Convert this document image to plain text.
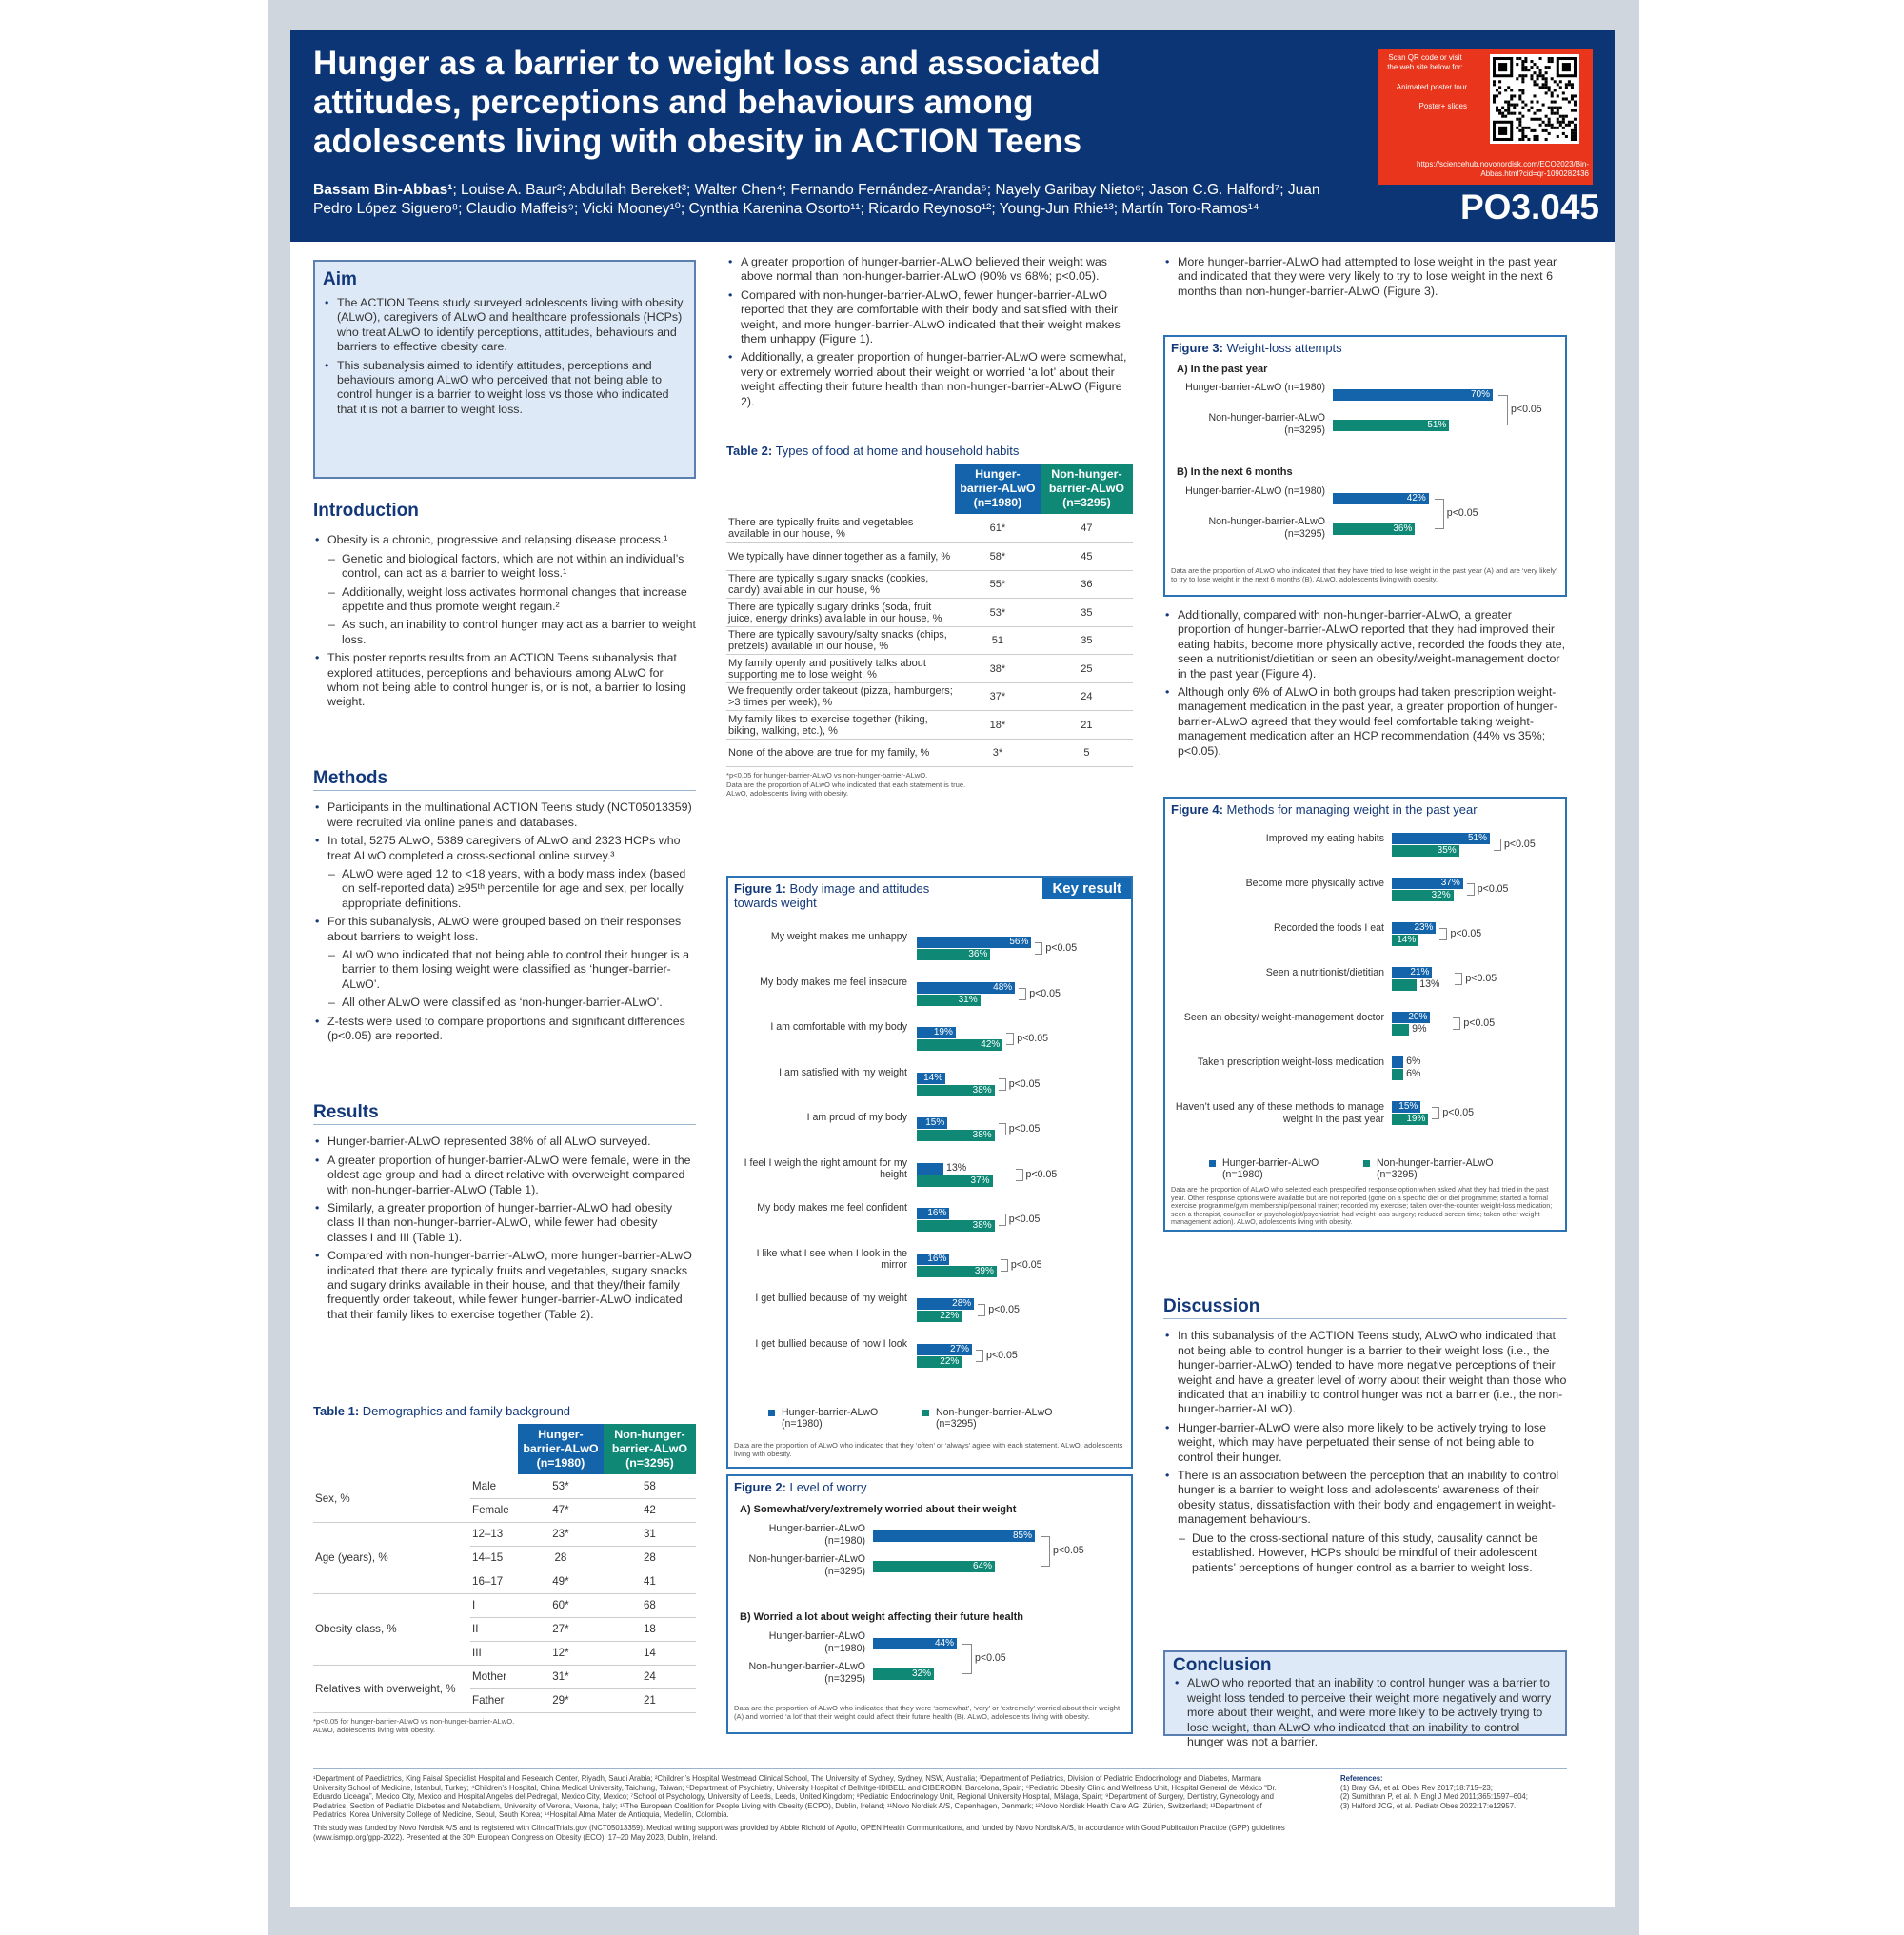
Hunger as a barrier to weight loss and associated
attitudes, perceptions and behaviours among
adolescents living with obesity in ACTION Teens
Bassam Bin-Abbas¹; Louise A. Baur²; Abdullah Bereket³; Walter Chen⁴; Fernando Fernández-Aranda⁵; Nayely Garibay Nieto⁶; Jason C.G. Halford⁷; Juan Pedro López Siguero⁸; Claudio Maffeis⁹; Vicki Mooney¹⁰; Cynthia Karenina Osorto¹¹; Ricardo Reynoso¹²; Young-Jun Rhie¹³; Martín Toro-Ramos¹⁴
Scan QR code or visit the web site below for:
Animated poster tour
Poster+ slides
https://sciencehub.novonordisk.com/ECO2023/Bin-Abbas.html?cid=qr-1090282436
PO3.045
Aim
• The ACTION Teens study surveyed adolescents living with obesity (ALwO), caregivers of ALwO and healthcare professionals (HCPs) who treat ALwO to identify perceptions, attitudes, behaviours and barriers to effective obesity care.
• This subanalysis aimed to identify attitudes, perceptions and behaviours among ALwO who perceived that not being able to control hunger is a barrier to weight loss vs those who indicated that it is not a barrier to weight loss.
Introduction
• Obesity is a chronic, progressive and relapsing disease process.¹
– Genetic and biological factors, which are not within an individual’s control, can act as a barrier to weight loss.¹
– Additionally, weight loss activates hormonal changes that increase appetite and thus promote weight regain.²
– As such, an inability to control hunger may act as a barrier to weight loss.
• This poster reports results from an ACTION Teens subanalysis that explored attitudes, perceptions and behaviours among ALwO for whom not being able to control hunger is, or is not, a barrier to losing weight.
Methods
• Participants in the multinational ACTION Teens study (NCT05013359) were recruited via online panels and databases.
• In total, 5275 ALwO, 5389 caregivers of ALwO and 2323 HCPs who treat ALwO completed a cross-sectional online survey.³
– ALwO were aged 12 to <18 years, with a body mass index (based on self-reported data) ≥95ᵗʰ percentile for age and sex, per locally appropriate definitions.
• For this subanalysis, ALwO were grouped based on their responses about barriers to weight loss.
– ALwO who indicated that not being able to control their hunger is a barrier to them losing weight were classified as ‘hunger-barrier-ALwO’.
– All other ALwO were classified as ‘non-hunger-barrier-ALwO’.
• Z-tests were used to compare proportions and significant differences (p<0.05) are reported.
Results
• Hunger-barrier-ALwO represented 38% of all ALwO surveyed.
• A greater proportion of hunger-barrier-ALwO were female, were in the oldest age group and had a direct relative with overweight compared with non-hunger-barrier-ALwO (Table 1).
• Similarly, a greater proportion of hunger-barrier-ALwO had obesity class II than non-hunger-barrier-ALwO, while fewer had obesity classes I and III (Table 1).
• Compared with non-hunger-barrier-ALwO, more hunger-barrier-ALwO indicated that there are typically fruits and vegetables, sugary snacks and sugary drinks available in their house, and that they/their family frequently order takeout, while fewer hunger-barrier-ALwO indicated that their family likes to exercise together (Table 2).
Table 1: Demographics and family background
		Hunger-barrier-ALwO (n=1980)	Non-hunger-barrier-ALwO (n=3295)
Sex, %	Male	53*	58
	Female	47*	42
Age (years), %	12–13	23*	31
	14–15	28	28
	16–17	49*	41
Obesity class, %	I	60*	68
	II	27*	18
	III	12*	14
Relatives with overweight, %	Mother	31*	24
	Father	29*	21
*p<0.05 for hunger-barrier-ALwO vs non-hunger-barrier-ALwO.
ALwO, adolescents living with obesity.
• A greater proportion of hunger-barrier-ALwO believed their weight was above normal than non-hunger-barrier-ALwO (90% vs 68%; p<0.05).
• Compared with non-hunger-barrier-ALwO, fewer hunger-barrier-ALwO reported that they are comfortable with their body and satisfied with their weight, and more hunger-barrier-ALwO indicated that their weight makes them unhappy (Figure 1).
• Additionally, a greater proportion of hunger-barrier-ALwO were somewhat, very or extremely worried about their weight or worried ‘a lot’ about their weight affecting their future health than non-hunger-barrier-ALwO (Figure 2).
Table 2: Types of food at home and household habits
	Hunger-barrier-ALwO (n=1980)	Non-hunger-barrier-ALwO (n=3295)
There are typically fruits and vegetables available in our house, %	61*	47
We typically have dinner together as a family, %	58*	45
There are typically sugary snacks (cookies, candy) available in our house, %	55*	36
There are typically sugary drinks (soda, fruit juice, energy drinks) available in our house, %	53*	35
There are typically savoury/salty snacks (chips, pretzels) available in our house, %	51	35
My family openly and positively talks about supporting me to lose weight, %	38*	25
We frequently order takeout (pizza, hamburgers; >3 times per week), %	37*	24
My family likes to exercise together (hiking, biking, walking, etc.), %	18*	21
None of the above are true for my family, %	3*	5
*p<0.05 for hunger-barrier-ALwO vs non-hunger-barrier-ALwO.
Data are the proportion of ALwO who indicated that each statement is true.
ALwO, adolescents living with obesity.
Figure 1: Body image and attitudes towards weight
Key result
Hunger-barrier-ALwO (n=1980)
Non-hunger-barrier-ALwO (n=3295)
Data are the proportion of ALwO who indicated that they ‘often’ or ‘always’ agree with each statement. ALwO, adolescents living with obesity.
My weight makes me unhappy	56%
36%
p<0.05
My body makes me feel insecure	48%
31%
p<0.05
I am comfortable with my body	19%
42%
p<0.05
I am satisfied with my weight	14%
38%
p<0.05
I am proud of my body	15%
38%
p<0.05
I feel I weigh the right amount for my height	37%
13%
p<0.05
My body makes me feel confident	16%
38%
p<0.05
I like what I see when I look in the mirror
16%
39%
p<0.05
I get bullied because of my weight	28%
22%
p<0.05
I get bullied because of how I look	27%
22%
p<0.05
Figure 2: Level of worry
A) Somewhat/very/extremely worried about their weight
B) Worried a lot about weight affecting their future health
Data are the proportion of ALwO who indicated that they were ‘somewhat’, ‘very’ or ‘extremely’ worried about their weight (A) and worried ‘a lot’ that their weight could affect their future health (B). ALwO, adolescents living with obesity.
Hunger-barrier-ALwO (n=1980)	85%
Non-hunger-barrier-ALwO (n=3295)	64%
p<0.05
Hunger-barrier-ALwO (n=1980)	44%
Non-hunger-barrier-ALwO (n=3295)	32%
p<0.05
• More hunger-barrier-ALwO had attempted to lose weight in the past year and indicated that they were very likely to try to lose weight in the next 6 months than non-hunger-barrier-ALwO (Figure 3).
Figure 3: Weight-loss attempts
A) In the past year
B) In the next 6 months
Data are the proportion of ALwO who indicated that they have tried to lose weight in the past year (A) and are ‘very likely’ to try to lose weight in the next 6 months (B). ALwO, adolescents living with obesity.
Hunger-barrier-ALwO (n=1980)
70%
Non-hunger-barrier-ALwO (n=3295)	51%
p<0.05
Hunger-barrier-ALwO (n=1980)
42%
Non-hunger-barrier-ALwO (n=3295)	36%
p<0.05
• Additionally, compared with non-hunger-barrier-ALwO, a greater proportion of hunger-barrier-ALwO reported that they had improved their eating habits, become more physically active, recorded the foods they ate, seen a nutritionist/dietitian or seen an obesity/weight-management doctor in the past year (Figure 4).
• Although only 6% of ALwO in both groups had taken prescription weight-management medication in the past year, a greater proportion of hunger-barrier-ALwO agreed that they would feel comfortable taking weight-management medication after an HCP recommendation (44% vs 35%; p<0.05).
Figure 4: Methods for managing weight in the past year
Hunger-barrier-ALwO (n=1980)
Non-hunger-barrier-ALwO (n=3295)
Data are the proportion of ALwO who selected each prespecified response option when asked what they had tried in the past year. Other response options were available but are not reported (gone on a specific diet or diet programme; started a formal exercise programme/gym membership/personal trainer; recorded my exercise; taken over-the-counter weight-loss medication; seen a therapist, counsellor or psychologist/psychiatrist; had weight-loss surgery; reduced screen time; taken other weight-management action). ALwO, adolescents living with obesity.
Improved my eating habits	51%
35%
p<0.05
Become more physically active	37%
32%
p<0.05
Recorded the foods I eat	23%
14%
p<0.05
Seen a nutritionist/dietitian	21%
13%	p<0.05
Seen an obesity/ weight-management doctor	20%
9%	p<0.05
Taken prescription weight-loss medication 6%
6%
Haven’t used any of these methods to manage weight in the past year
15%
19%
p<0.05
Discussion
• In this subanalysis of the ACTION Teens study, ALwO who indicated that not being able to control hunger is a barrier to their weight loss (i.e., the hunger-barrier-ALwO) tended to have more negative perceptions of their weight and have a greater level of worry about their weight than those who indicated that an inability to control hunger was not a barrier (i.e., the non-hunger-barrier-ALwO).
• Hunger-barrier-ALwO were also more likely to be actively trying to lose weight, which may have perpetuated their sense of not being able to control their hunger.
• There is an association between the perception that an inability to control hunger is a barrier to weight loss and adolescents’ awareness of their obesity status, dissatisfaction with their body and engagement in weight-management behaviours.
– Due to the cross-sectional nature of this study, causality cannot be established. However, HCPs should be mindful of their adolescent patients’ perceptions of hunger control as a barrier to weight loss.
Conclusion
• ALwO who reported that an inability to control hunger was a barrier to weight loss tended to perceive their weight more negatively and worry more about their weight, and were more likely to be actively trying to lose weight, than ALwO who indicated that an inability to control hunger was not a barrier.
¹Department of Paediatrics, King Faisal Specialist Hospital and Research Center, Riyadh, Saudi Arabia; ²Children’s Hospital Westmead Clinical School, The University of Sydney, Sydney, NSW, Australia; ³Department of Pediatrics, Division of Pediatric Endocrinology and Diabetes, Marmara University School of Medicine, Istanbul, Turkey; ⁴Children’s Hospital, China Medical University, Taichung, Taiwan; ⁵Department of Psychiatry, University Hospital of Bellvitge-IDIBELL and CIBEROBN, Barcelona, Spain; ⁶Pediatric Obesity Clinic and Wellness Unit, Hospital General de México “Dr. Eduardo Liceaga”, Mexico City, Mexico and Hospital Angeles del Pedregal, Mexico City, Mexico; ⁷School of Psychology, University of Leeds, Leeds, United Kingdom; ⁸Pediatric Endocrinology Unit, Regional University Hospital, Málaga, Spain; ⁹Department of Surgery, Dentistry, Gynecology and Pediatrics, Section of Pediatric Diabetes and Metabolism, University of Verona, Verona, Italy; ¹⁰The European Coalition for People Living with Obesity (ECPO), Dublin, Ireland; ¹¹Novo Nordisk A/S, Copenhagen, Denmark; ¹²Novo Nordisk Health Care AG, Zürich, Switzerland; ¹³Department of Pediatrics, Korea University College of Medicine, Seoul, South Korea; ¹⁴Hospital Alma Mater de Antioquia, Medellín, Colombia.
This study was funded by Novo Nordisk A/S and is registered with ClinicalTrials.gov (NCT05013359). Medical writing support was provided by Abbie Richold of Apollo, OPEN Health Communications, and funded by Novo Nordisk A/S, in accordance with Good Publication Practice (GPP) guidelines (www.ismpp.org/gpp-2022). Presented at the 30ᵗʰ European Congress on Obesity (ECO), 17–20 May 2023, Dublin, Ireland.
References:
(1) Bray GA, et al. Obes Rev 2017;18:715–23;
(2) Sumithran P, et al. N Engl J Med 2011;365:1597–604;
(3) Halford JCG, et al. Pediatr Obes 2022;17:e12957.
